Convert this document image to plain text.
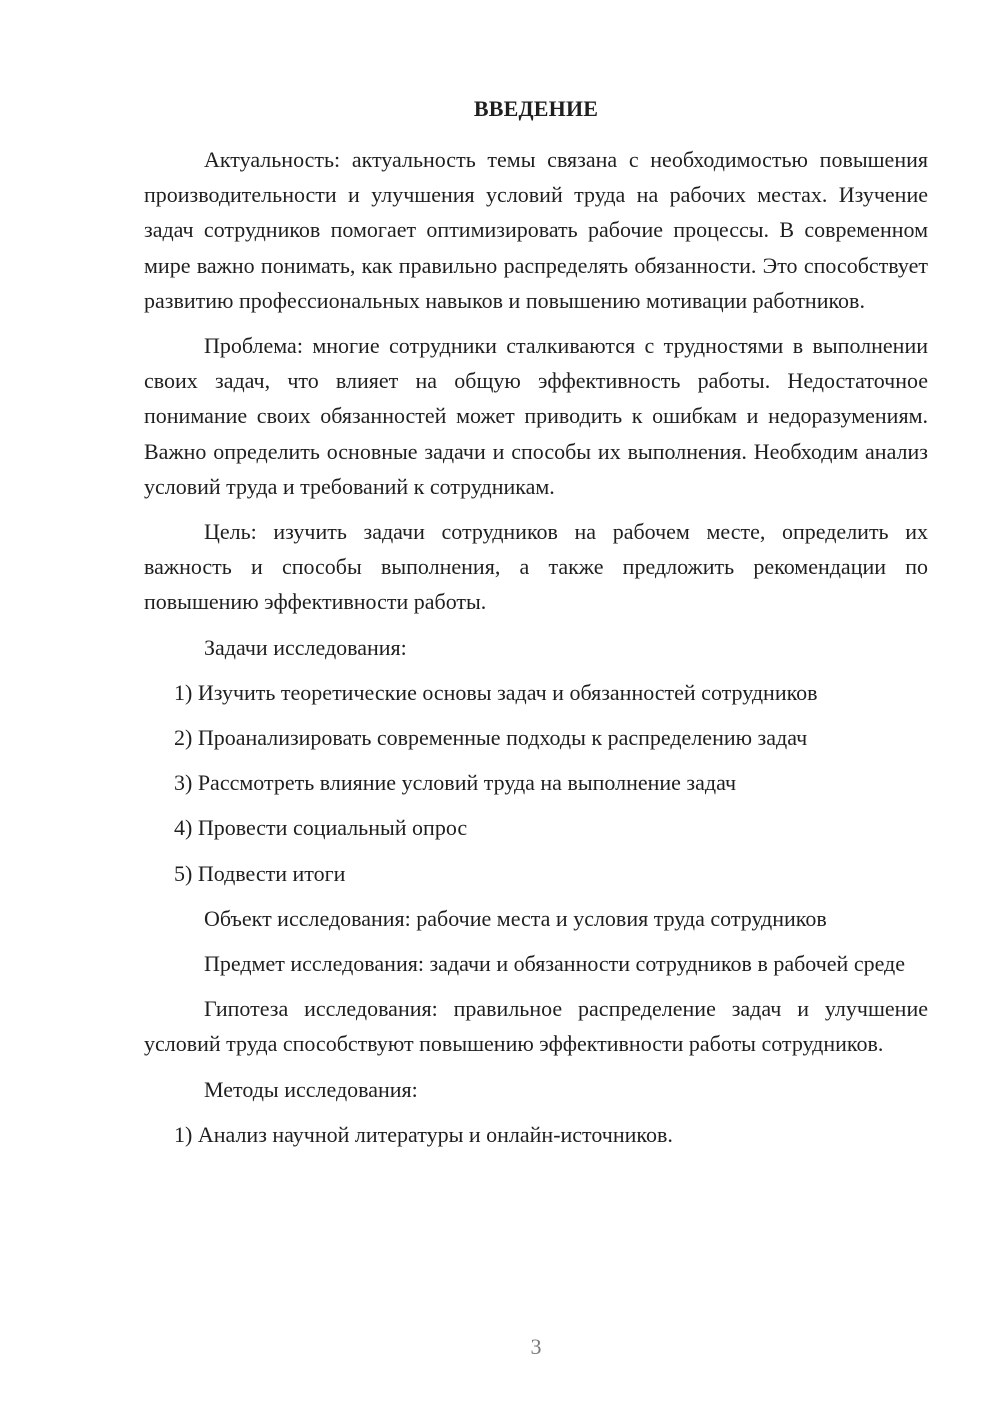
ВВЕДЕНИЕ

Актуальность: актуальность темы связана с необходимостью повышения производительности и улучшения условий труда на рабочих местах. Изучение задач сотрудников помогает оптимизировать рабочие процессы. В современном мире важно понимать, как правильно распределять обязанности. Это способствует развитию профессиональных навыков и повышению мотивации работников.

Проблема: многие сотрудники сталкиваются с трудностями в выполнении своих задач, что влияет на общую эффективность работы. Недостаточное понимание своих обязанностей может приводить к ошибкам и недоразумениям. Важно определить основные задачи и способы их выполнения. Необходим анализ условий труда и требований к сотрудникам.

Цель: изучить задачи сотрудников на рабочем месте, определить их важность и способы выполнения, а также предложить рекомендации по повышению эффективности работы.

Задачи исследования:
1) Изучить теоретические основы задач и обязанностей сотрудников
2) Проанализировать современные подходы к распределению задач
3) Рассмотреть влияние условий труда на выполнение задач
4) Провести социальный опрос
5) Подвести итоги
Объект исследования: рабочие места и условия труда сотрудников

Предмет исследования: задачи и обязанности сотрудников в рабочей среде

Гипотеза исследования: правильное распределение задач и улучшение условий труда способствуют повышению эффективности работы сотрудников.

Методы исследования:
1) Анализ научной литературы и онлайн-источников.
3
